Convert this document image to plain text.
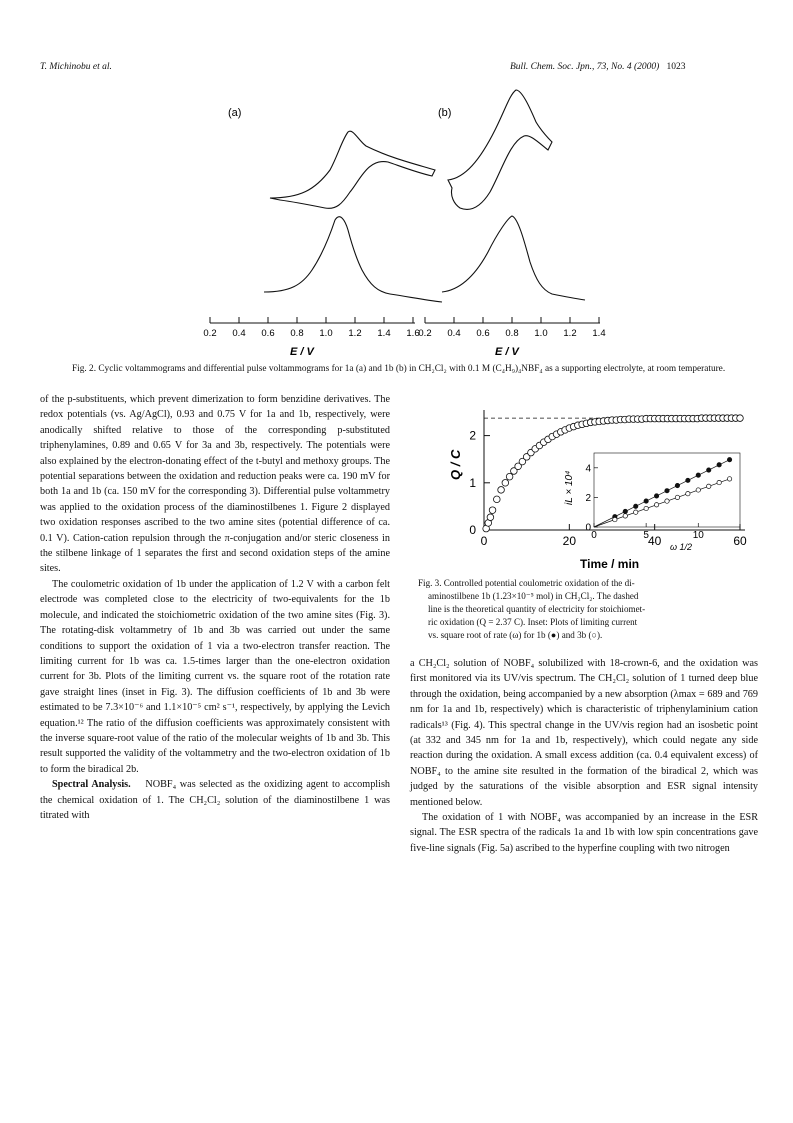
T. Michinobu et al.	Bull. Chem. Soc. Jpn., 73, No. 4 (2000) 1023
(a)	(b)
0.2 0.4 0.6 0.8 1.0 1.2 1.4 1.6
0.2 0.4 0.6 0.8 1.0 1.2 1.4
E / V	E / V
Fig. 2. Cyclic voltammograms and differential pulse voltammograms for 1a (a) and 1b (b) in CH₂Cl₂ with 0.1 M (C₄H₉)₄NBF₄ as a supporting electrolyte, at room temperature.
0
1
2
0	20	40	60
Q / C
Time / min
0
2
4
0	5	10
iL × 10⁴
ω 1/2
Fig. 3. Controlled potential coulometric oxidation of the di-
aminostilbene 1b (1.23×10⁻⁵ mol) in CH₂Cl₂. The dashed
line is the theoretical quantity of electricity for stoichiomet-
ric oxidation (Q = 2.37 C). Inset: Plots of limiting current
vs. square root of rate (ω) for 1b (●) and 3b (○).

of the p-substituents, which prevent dimerization to form benzidine derivatives. The redox potentials (vs. Ag/AgCl), 0.93 and 0.75 V for 1a and 1b, respectively, were anodically shifted relative to those of the corresponding p-substituted triphenylamines, 0.89 and 0.65 V for 3a and 3b, respectively. The potentials were also explained by the electron-donating effect of the t-butyl and methoxy groups. The potential separations between the oxidation and reduction peaks were ca. 190 mV for both 1a and 1b (ca. 150 mV for the corresponding 3). Differential pulse voltammetry was applied to the oxidation process of the diaminostilbenes 1. Figure 2 displayed two oxidation responses ascribed to the two amine sites (potential difference of ca. 0.1 V). Cation-cation repulsion through the π-conjugation and/or steric closeness in the stilbene linkage of 1 separates the first and second oxidation steps of the amine sites.

The coulometric oxidation of 1b under the application of 1.2 V with a carbon felt electrode was completed close to the electricity of two-equivalents for the 1b molecule, and indicated the stoichiometric oxidation of the two amine sites (Fig. 3). The rotating-disk voltammetry of 1b and 3b was carried out under the same conditions to support the oxidation of 1 via a two-electron transfer reaction. The limiting current for 1b was ca. 1.5-times larger than the one-electron oxidation current for 3b. Plots of the limiting current vs. the square root of the rotation rate gave straight lines (inset in Fig. 3). The diffusion coefficients of 1b and 3b were estimated to be 7.3×10⁻⁶ and 1.1×10⁻⁵ cm² s⁻¹, respectively, by applying the Levich equation.¹² The ratio of the diffusion coefficients was approximately consistent with the inverse square-root value of the ratio of the molecular weights of 1b and 3b. This result supported the validity of the voltammetry and the two-electron oxidation of 1b to form the biradical 2b.

Spectral Analysis. NOBF₄ was selected as the oxidizing agent to accomplish the chemical oxidation of 1. The CH₂Cl₂ solution of the diaminostilbene 1 was titrated with

a CH₂Cl₂ solution of NOBF₄ solubilized with 18-crown-6, and the oxidation was first monitored via its UV/vis spectrum. The CH₂Cl₂ solution of 1 turned deep blue through the oxidation, being accompanied by a new absorption (λmax = 689 and 769 nm for 1a and 1b, respectively) which is characteristic of triphenylaminium cation radicals¹³ (Fig. 4). This spectral change in the UV/vis region had an isosbetic point (at 332 and 345 nm for 1a and 1b, respectively), which could negate any side reaction during the oxidation. A small excess addition (ca. 0.4 equivalent excess) of NOBF₄ to the amine site resulted in the formation of the biradical 2, which was judged by the saturations of the visible absorption and ESR signal intensity mentioned below.

The oxidation of 1 with NOBF₄ was accompanied by an increase in the ESR signal. The ESR spectra of the radicals 1a and 1b with low spin concentrations gave five-line signals (Fig. 5a) ascribed to the hyperfine coupling with two nitrogen
